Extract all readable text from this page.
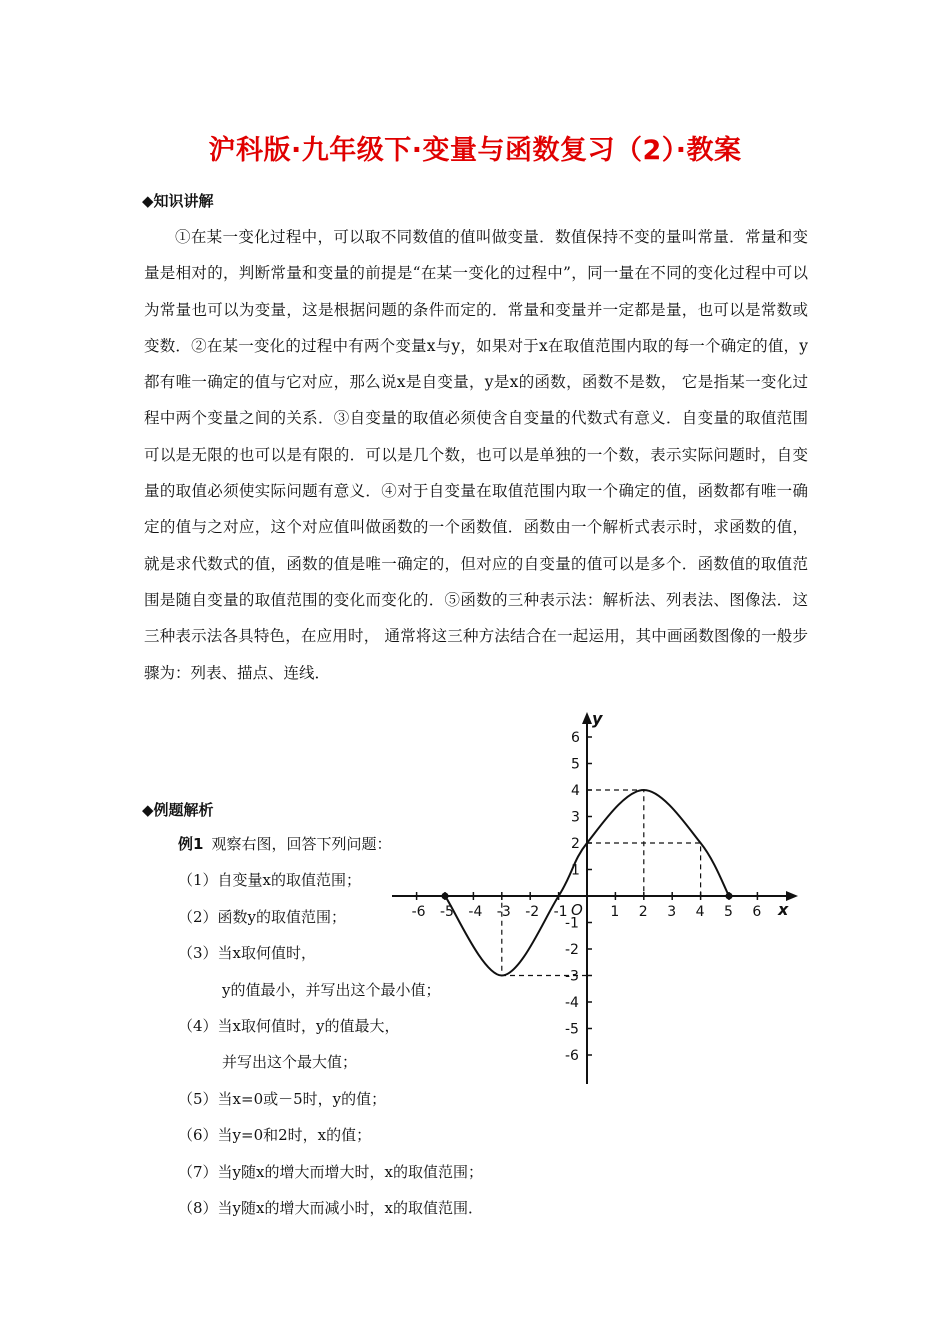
沪科版·九年级下·变量与函数复习（2）·教案

◆知识讲解

①在某一变化过程中，可以取不同数值的值叫做变量．数值保持不变的量叫常量．常量和变量是相对的，判断常量和变量的前提是“在某一变化的过程中”，同一量在不同的变化过程中可以为常量也可以为变量，这是根据问题的条件而定的．常量和变量并一定都是量，也可以是常数或变数．②在某一变化的过程中有两个变量x与y，如果对于x在取值范围内取的每一个确定的值，y都有唯一确定的值与它对应，那么说x是自变量，y是x的函数，函数不是数， 它是指某一变化过程中两个变量之间的关系．③自变量的取值必须使含自变量的代数式有意义．自变量的取值范围可以是无限的也可以是有限的．可以是几个数，也可以是单独的一个数，表示实际问题时，自变量的取值必须使实际问题有意义．④对于自变量在取值范围内取一个确定的值，函数都有唯一确定的值与之对应，这个对应值叫做函数的一个函数值．函数由一个解析式表示时，求函数的值，就是求代数式的值，函数的值是唯一确定的，但对应的自变量的值可以是多个．函数值的取值范围是随自变量的取值范围的变化而变化的．⑤函数的三种表示法：解析法、列表法、图像法．这三种表示法各具特色，在应用时， 通常将这三种方法结合在一起运用，其中画函数图像的一般步骤为：列表、描点、连线．

◆例题解析

例1 观察右图，回答下列问题：
（1）自变量x的取值范围；
（2）函数y的取值范围；
（3）当x取何值时，
y的值最小，并写出这个最小值；
（4）当x取何值时，y的值最大，
并写出这个最大值；
（5）当x=0或－5时，y的值；
（6）当y=0和2时，x的值；
（7）当y随x的增大而增大时，x的取值范围；
（8）当y随x的增大而减小时，x的取值范围．
-6 -5 -4 -3 -2 -1	1 2 3 4 5 6
6
5
4
3
2
1
-1
-2
-3
-4
-5
-6
x
y
O
